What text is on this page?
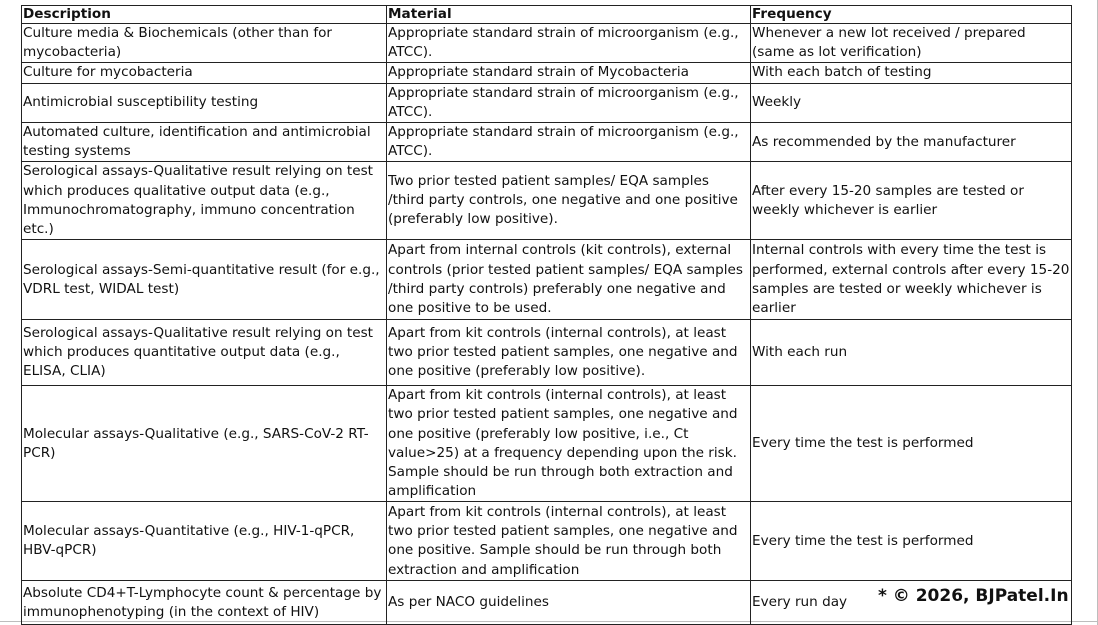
Description	Material	Frequency
Culture media & Biochemicals (other than for mycobacteria)	Appropriate standard strain of microorganism (e.g., ATCC).	Whenever a new lot received / prepared (same as lot verification)
Culture for mycobacteria	Appropriate standard strain of Mycobacteria	With each batch of testing
Antimicrobial susceptibility testing	Appropriate standard strain of microorganism (e.g., ATCC).	Weekly
Automated culture, identification and antimicrobial testing systems	Appropriate standard strain of microorganism (e.g., ATCC).	As recommended by the manufacturer
Serological assays-Qualitative result relying on test which produces qualitative output data (e.g., Immunochromatography, immuno concentration etc.)	Two prior tested patient samples/ EQA samples /third party controls, one negative and one positive (preferably low positive).	After every 15-20 samples are tested or weekly whichever is earlier
Serological assays-Semi-quantitative result (for e.g., VDRL test, WIDAL test)	Apart from internal controls (kit controls), external controls (prior tested patient samples/ EQA samples /third party controls) preferably one negative and one positive to be used.	Internal controls with every time the test is performed, external controls after every 15-20 samples are tested or weekly whichever is earlier
Serological assays-Qualitative result relying on test which produces quantitative output data (e.g., ELISA, CLIA)	Apart from kit controls (internal controls), at least two prior tested patient samples, one negative and one positive (preferably low positive).	With each run
Molecular assays-Qualitative (e.g., SARS-CoV-2 RT-PCR)	Apart from kit controls (internal controls), at least two prior tested patient samples, one negative and one positive (preferably low positive, i.e., Ct value>25) at a frequency depending upon the risk. Sample should be run through both extraction and amplification	Every time the test is performed
Molecular assays-Quantitative (e.g., HIV-1-qPCR, HBV-qPCR)	Apart from kit controls (internal controls), at least two prior tested patient samples, one negative and one positive. Sample should be run through both extraction and amplification	Every time the test is performed
Absolute CD4+T-Lymphocyte count & percentage by immunophenotyping (in the context of HIV)	As per NACO guidelines	Every run day * © 2026, BJPatel.In
